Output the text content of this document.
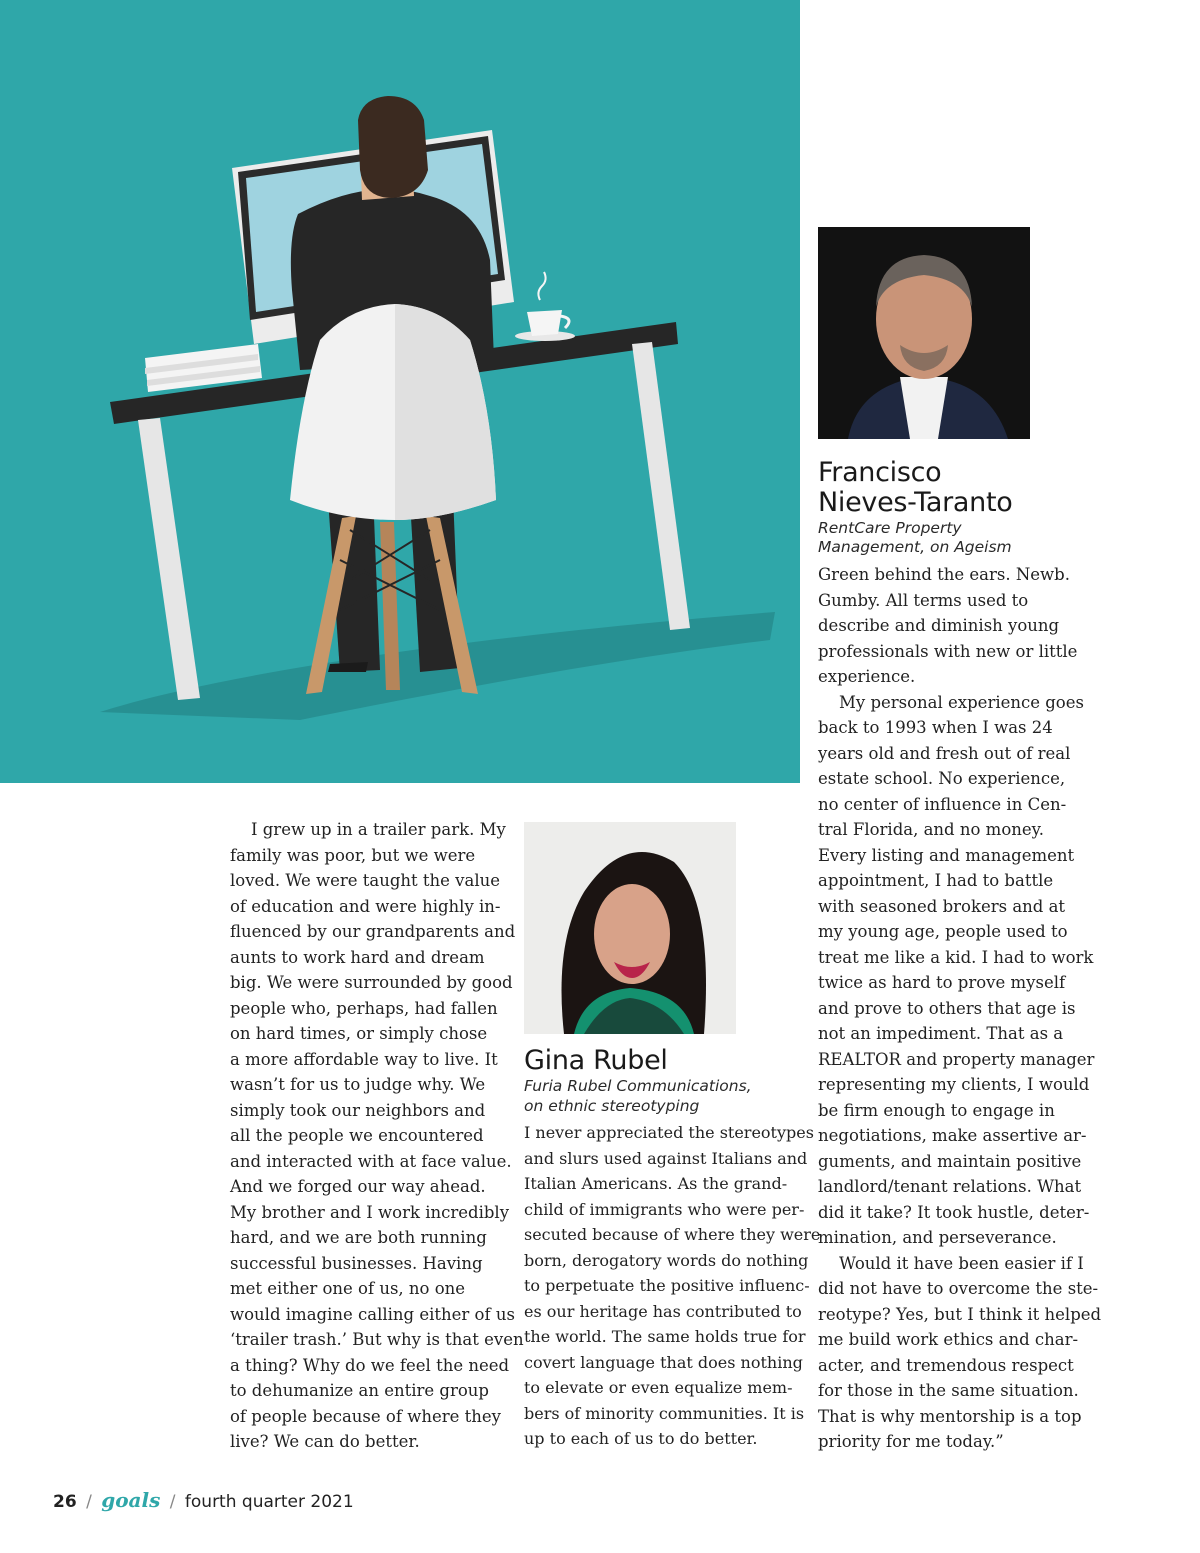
Francisco
Nieves-Taranto
RentCare Property
Management, on Ageism
Green behind the ears. Newb.
Gumby. All terms used to
describe and diminish young
professionals with new or little
experience.
My personal experience goes
back to 1993 when I was 24
years old and fresh out of real
estate school. No experience,
no center of influence in Cen-
tral Florida, and no money.
Every listing and management
appointment, I had to battle
with seasoned brokers and at
my young age, people used to
treat me like a kid. I had to work
twice as hard to prove myself
and prove to others that age is
not an impediment. That as a
REALTOR and property manager
representing my clients, I would
be firm enough to engage in
negotiations, make assertive ar-
guments, and maintain positive
landlord/tenant relations. What
did it take? It took hustle, deter-
mination, and perseverance.
Would it have been easier if I
did not have to overcome the ste-
reotype? Yes, but I think it helped
me build work ethics and char-
acter, and tremendous respect
for those in the same situation.
That is why mentorship is a top
priority for me today.”
I grew up in a trailer park. My
family was poor, but we were
loved. We were taught the value
of education and were highly in-
fluenced by our grandparents and
aunts to work hard and dream
big. We were surrounded by good
people who, perhaps, had fallen
on hard times, or simply chose
a more affordable way to live. It
wasn’t for us to judge why. We
simply took our neighbors and
all the people we encountered
and interacted with at face value.
And we forged our way ahead.
My brother and I work incredibly
hard, and we are both running
successful businesses. Having
met either one of us, no one
would imagine calling either of us
‘trailer trash.’ But why is that even
a thing? Why do we feel the need
to dehumanize an entire group
of people because of where they
live? We can do better.
Gina Rubel
Furia Rubel Communications,
on ethnic stereotyping
I never appreciated the stereotypes
and slurs used against Italians and
Italian Americans. As the grand-
child of immigrants who were per-
secuted because of where they were
born, derogatory words do nothing
to perpetuate the positive influenc-
es our heritage has contributed to
the world. The same holds true for
covert language that does nothing
to elevate or even equalize mem-
bers of minority communities. It is
up to each of us to do better.
26 / goals / fourth quarter 2021
